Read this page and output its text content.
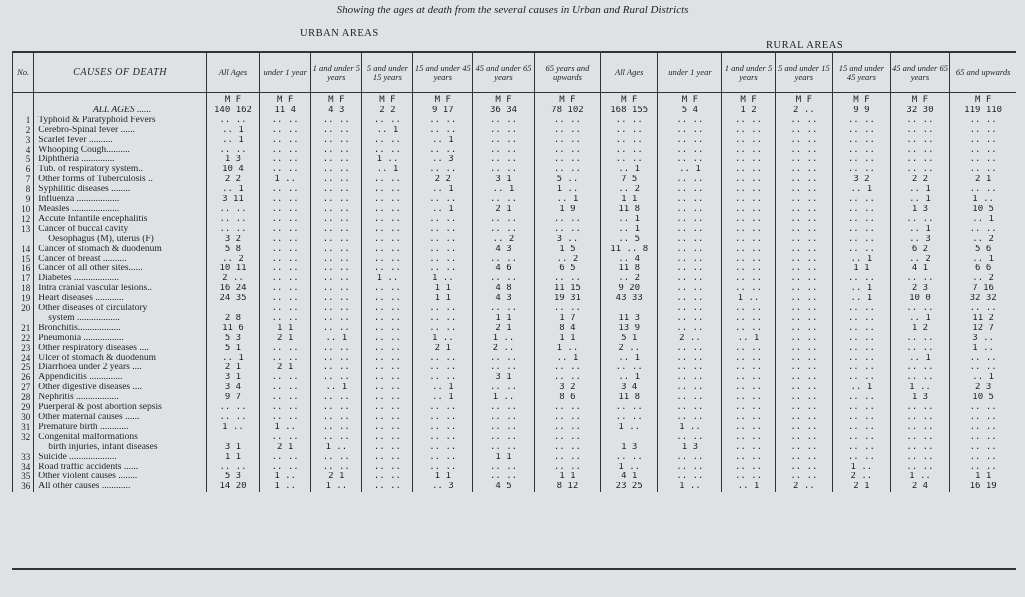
Showing the ages at death from the several causes in Urban and Rural Districts
URBAN AREAS
RURAL AREAS
No.	CAUSES OF DEATH	All Ages	under 1 year	1 and under 5 years	5 and under 15 years	15 and under 45 years	45 and under 65 years	65 years and upwards	All Ages	under 1 year	1 and under 5 years	5 and under 15 years	15 and under 45 years	45 and under 65 years	65 and upwards
		M F	M F	M F	M F	M F	M F	M F	M F	M F	M F	M F	M F	M F	M F
	ALL AGES ......	140 162	11 4	4 3	2 2	9 17	36 34	78 102	168 155	5 4	1 2	2 ..	9 9	32 30	119 110
1	Typhoid & Paratyphoid Fevers	.. ..	.. ..	.. ..	.. ..	.. ..	.. ..	.. ..	.. ..	.. ..	.. ..	.. ..	.. ..	.. ..	.. ..
2	Cerebro-Spinal fever ......	.. 1	.. ..	.. ..	.. 1	.. ..	.. ..	.. ..	.. ..	.. ..	.. ..	.. ..	.. ..	.. ..	.. ..
3	Scarlet fever ..........	.. 1	.. ..	.. ..	.. ..	.. 1	.. ..	.. ..	.. ..	.. ..	.. ..	.. ..	.. ..	.. ..	.. ..
4	Whooping Cough..........	.. ..	.. ..	.. ..	.. ..	.. ..	.. ..	.. ..	.. ..	.. ..	.. ..	.. ..	.. ..	.. ..	.. ..
5	Diphtheria ..............	1 3	.. ..	.. ..	1 ..	.. 3	.. ..	.. ..	.. ..	.. ..	.. ..	.. ..	.. ..	.. ..	.. ..
6	Tub. of respiratory system..	10 4	.. ..	.. ..	.. 1	.. ..	.. ..	.. ..	.. 1	.. 1	.. ..	.. ..	.. ..	.. ..	.. ..
7	Other forms of Tuberculosis ..	2 2	1 ..	.. ..	.. ..	2 2	3 1	5 ..	7 5	.. ..	.. ..	.. ..	3 2	2 2	2 1
8	Syphilitic diseases ........	.. 1	.. ..	.. ..	.. ..	.. 1	.. 1	1 ..	.. 2	.. ..	.. ..	.. ..	.. 1	.. 1	.. ..
9	Influenza ..................	3 11	.. ..	.. ..	.. ..	.. ..	.. ..	.. 1	1 1	.. ..	.. ..	.. ..	.. ..	.. 1	1 ..
10	Measles ....................	.. ..	.. ..	.. ..	.. ..	.. 1	2 1	1 9	11 8	.. ..	.. ..	.. ..	.. ..	1 3	10 5
12	Accute Infantile encephalitis	.. ..	.. ..	.. ..	.. ..	.. ..	.. ..	.. ..	.. 1	.. ..	.. ..	.. ..	.. ..	.. ..	.. 1
13	Cancer of buccal cavity	.. ..	.. ..	.. ..	.. ..	.. ..	.. ..	.. ..	.. 1	.. ..	.. ..	.. ..	.. ..	.. 1	.. ..
	Oesophagus (M), uterus (F)	3 2	.. ..	.. ..	.. ..	.. ..	.. 2	3 ..	.. 5	.. ..	.. ..	.. ..	.. ..	.. 3	.. 2
14	Cancer of stomach & duodenum	5 8	.. ..	.. ..	.. ..	.. ..	4 3	1 5	11 .. 8	.. ..	.. ..	.. ..	.. ..	6 2	5 6
15	Cancer of breast ..........	.. 2	.. ..	.. ..	.. ..	.. ..	.. ..	.. 2	.. 4	.. ..	.. ..	.. ..	.. 1	.. 2	.. 1
16	Cancer of all other sites......	10 11	.. ..	.. ..	.. ..	.. ..	4 6	6 5	11 8	.. ..	.. ..	.. ..	1 1	4 1	6 6
17	Diabetes ...................	2 ..	.. ..	.. ..	1 ..	1 ..	.. ..	.. ..	.. 2	.. ..	.. ..	.. ..	.. ..	.. ..	.. 2
18	Intra cranial vascular lesions..	16 24	.. ..	.. ..	.. ..	1 1	4 8	11 15	9 20	.. ..	.. ..	.. ..	.. 1	2 3	7 16
19	Heart diseases ............	24 35	.. ..	.. ..	.. ..	1 1	4 3	19 31	43 33	.. ..	1 ..	.. ..	.. 1	10 0	32 32
20	Other diseases of circulatory		.. ..	.. ..	.. ..	.. ..	.. ..	.. ..		.. ..	.. ..	.. ..	.. ..	.. ..	.. ..
	system ..................	2 8	.. ..	.. ..	.. ..	.. ..	1 1	1 7	11 3	.. ..	.. ..	.. ..	.. ..	.. 1	11 2
21	Bronchitis..................	11 6	1 1	.. ..	.. ..	.. ..	2 1	8 4	13 9	.. ..	.. ..	.. ..	.. ..	1 2	12 7
22	Pneumonia .................	5 3	2 1	.. 1	.. ..	1 ..	1 ..	1 1	5 1	2 ..	.. 1	.. ..	.. ..	.. ..	3 ..
23	Other respiratory diseases ....	5 1	.. ..	.. ..	.. ..	2 1	2 ..	1 ..	2 ..	.. ..	.. ..	.. ..	.. ..	.. ..	1 ..
24	Ulcer of stomach & duodenum	.. 1	.. ..	.. ..	.. ..	.. ..	.. ..	.. 1	.. 1	.. ..	.. ..	.. ..	.. ..	.. 1	.. ..
25	Diarrhoea under 2 years ....	2 1	2 1	.. ..	.. ..	.. ..	.. ..	.. ..	.. ..	.. ..	.. ..	.. ..	.. ..	.. ..	.. ..
26	Appendicitis ..............	3 1	.. ..	.. ..	.. ..	.. ..	3 1	.. ..	.. 1	.. ..	.. ..	.. ..	.. ..	.. ..	.. 1
27	Other digestive diseases ....	3 4	.. ..	.. 1	.. ..	.. 1	.. ..	3 2	3 4	.. ..	.. ..	.. ..	.. 1	1 ..	2 3
28	Nephritis ..................	9 7	.. ..	.. ..	.. ..	.. 1	1 ..	8 6	11 8	.. ..	.. ..	.. ..	.. ..	1 3	10 5
29	Puerperal & post abortion sepsis	.. ..	.. ..	.. ..	.. ..	.. ..	.. ..	.. ..	.. ..	.. ..	.. ..	.. ..	.. ..	.. ..	.. ..
30	Other maternal causes ......	.. ..	.. ..	.. ..	.. ..	.. ..	.. ..	.. ..	.. ..	.. ..	.. ..	.. ..	.. ..	.. ..	.. ..
31	Premature birth ............	1 ..	1 ..	.. ..	.. ..	.. ..	.. ..	.. ..	1 ..	1 ..	.. ..	.. ..	.. ..	.. ..	.. ..
32	Congenital malformations		.. ..	.. ..	.. ..	.. ..	.. ..	.. ..		.. ..	.. ..	.. ..	.. ..	.. ..	.. ..
	birth injuries, infant diseases	3 1	2 1	1 ..	.. ..	.. ..	.. ..	.. ..	1 3	1 3	.. ..	.. ..	.. ..	.. ..	.. ..
33	Suicide ....................	1 1	.. ..	.. ..	.. ..	.. ..	1 1	.. ..	.. ..	.. ..	.. ..	.. ..	.. ..	.. ..	.. ..
34	Road traffic accidents ......	.. ..	.. ..	.. ..	.. ..	.. ..	.. ..	.. ..	1 ..	.. ..	.. ..	.. ..	1 ..	.. ..	.. ..
35	Other violent causes ........	5 3	1 ..	2 1	.. ..	1 1	.. ..	1 1	4 1	.. ..	.. ..	.. ..	2 ..	1 ..	1 1
36	All other causes ............	14 20	1 ..	1 ..	.. ..	.. 3	4 5	8 12	23 25	1 ..	.. 1	2 ..	2 1	2 4	16 19
